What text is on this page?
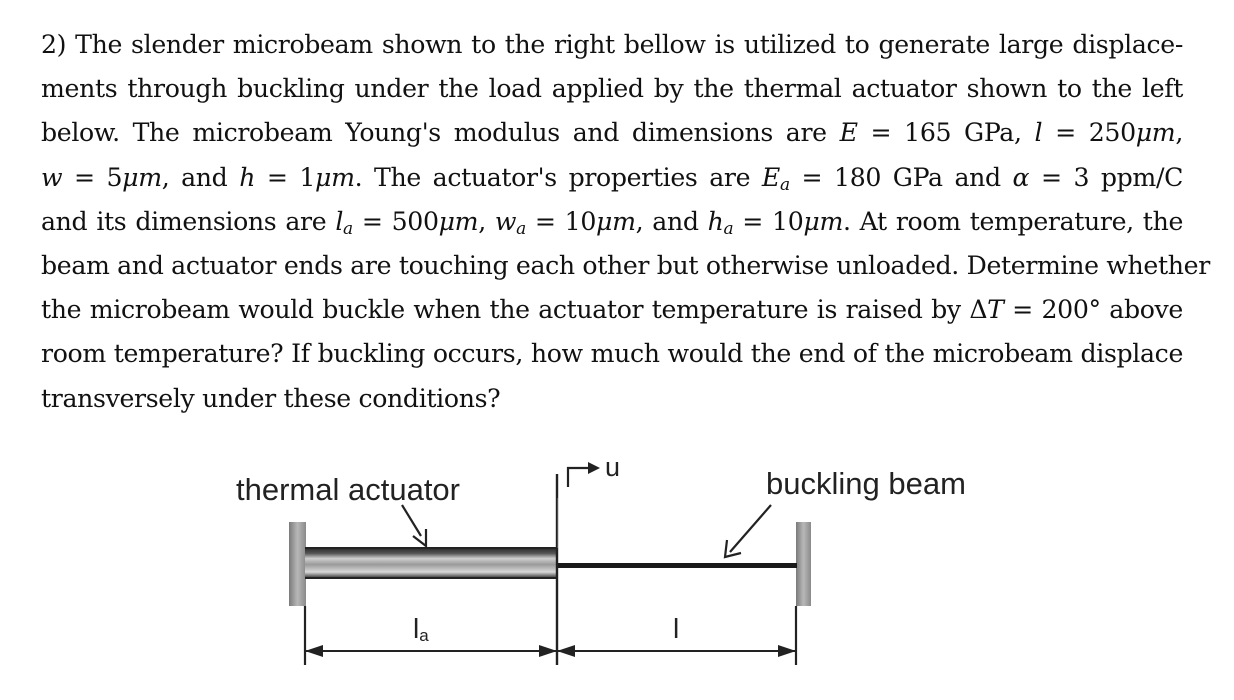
2) The slender microbeam shown to the right bellow is utilized to generate large displace-
ments through buckling under the load applied by the thermal actuator shown to the left
below. The microbeam Young's modulus and dimensions are E = 165 GPa, l = 250μm,
w = 5μm, and h = 1μm. The actuator's properties are $E_a = 180$ GPa and α = 3 ppm/C
and its dimensions are $l_a = 500\mu m$, $w_a = 10\mu m$, and $h_a = 10\mu m$. At room temperature, the
beam and actuator ends are touching each other but otherwise unloaded. Determine whether
the microbeam would buckle when the actuator temperature is raised by ΔT = 200° above
room temperature? If buckling occurs, how much would the end of the microbeam displace
transversely under these conditions?
u
thermal actuator	buckling beam
la	l
